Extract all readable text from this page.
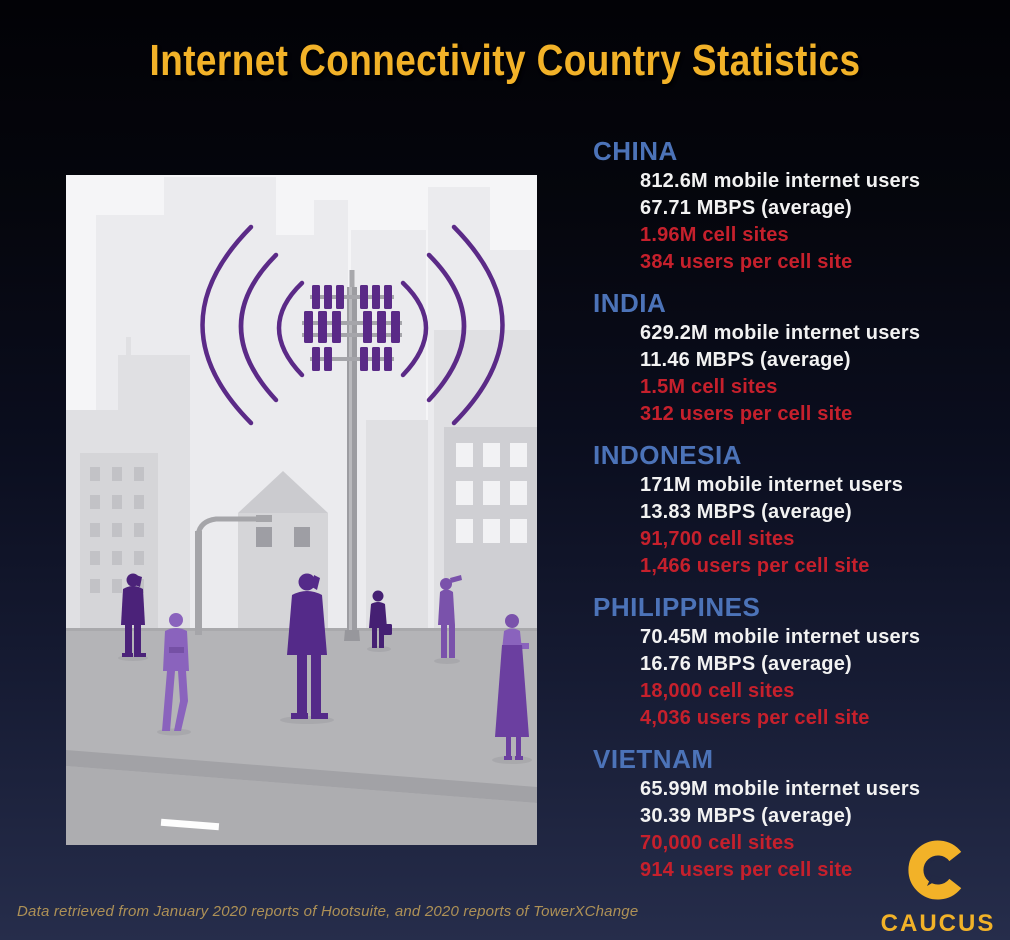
Internet Connectivity Country Statistics
CHINA
812.6M mobile internet users
67.71 MBPS (average)
1.96M cell sites
384 users per cell site
INDIA
629.2M mobile internet users
11.46 MBPS (average)
1.5M cell sites
312 users per cell site
INDONESIA
171M mobile internet users
13.83 MBPS (average)
91,700 cell sites
1,466 users per cell site
PHILIPPINES
70.45M mobile internet users
16.76 MBPS (average)
18,000 cell sites
4,036 users per cell site
VIETNAM
65.99M mobile internet users
30.39 MBPS (average)
70,000 cell sites
914 users per cell site
Data retrieved from January 2020 reports of Hootsuite, and 2020 reports of TowerXChange	CAUCUS
